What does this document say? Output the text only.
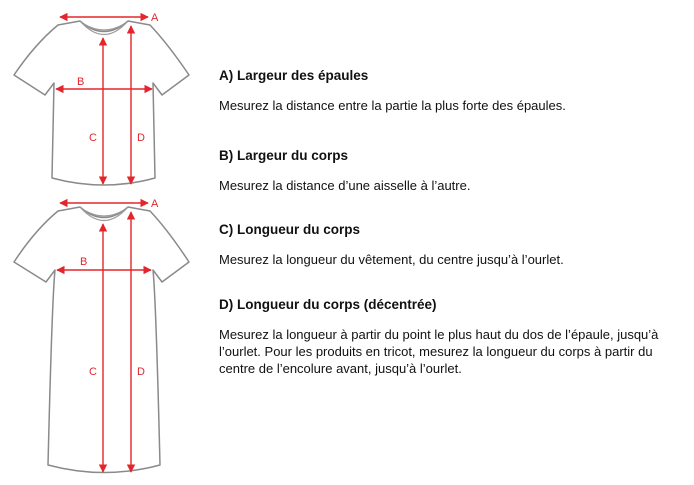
A
B
C	D
A
B
C	D

A) Largeur des épaules

Mesurez la distance entre la partie la plus forte des épaules.

B) Largeur du corps

Mesurez la distance d’une aisselle à l’autre.

C) Longueur du corps

Mesurez la longueur du vêtement, du centre jusqu’à l’ourlet.

D) Longueur du corps (décentrée)

Mesurez la longueur à partir du point le plus haut du dos de l’épaule, jusqu’à l’ourlet. Pour les produits en tricot, mesurez la longueur du corps à partir du centre de l’encolure avant, jusqu’à l’ourlet.
